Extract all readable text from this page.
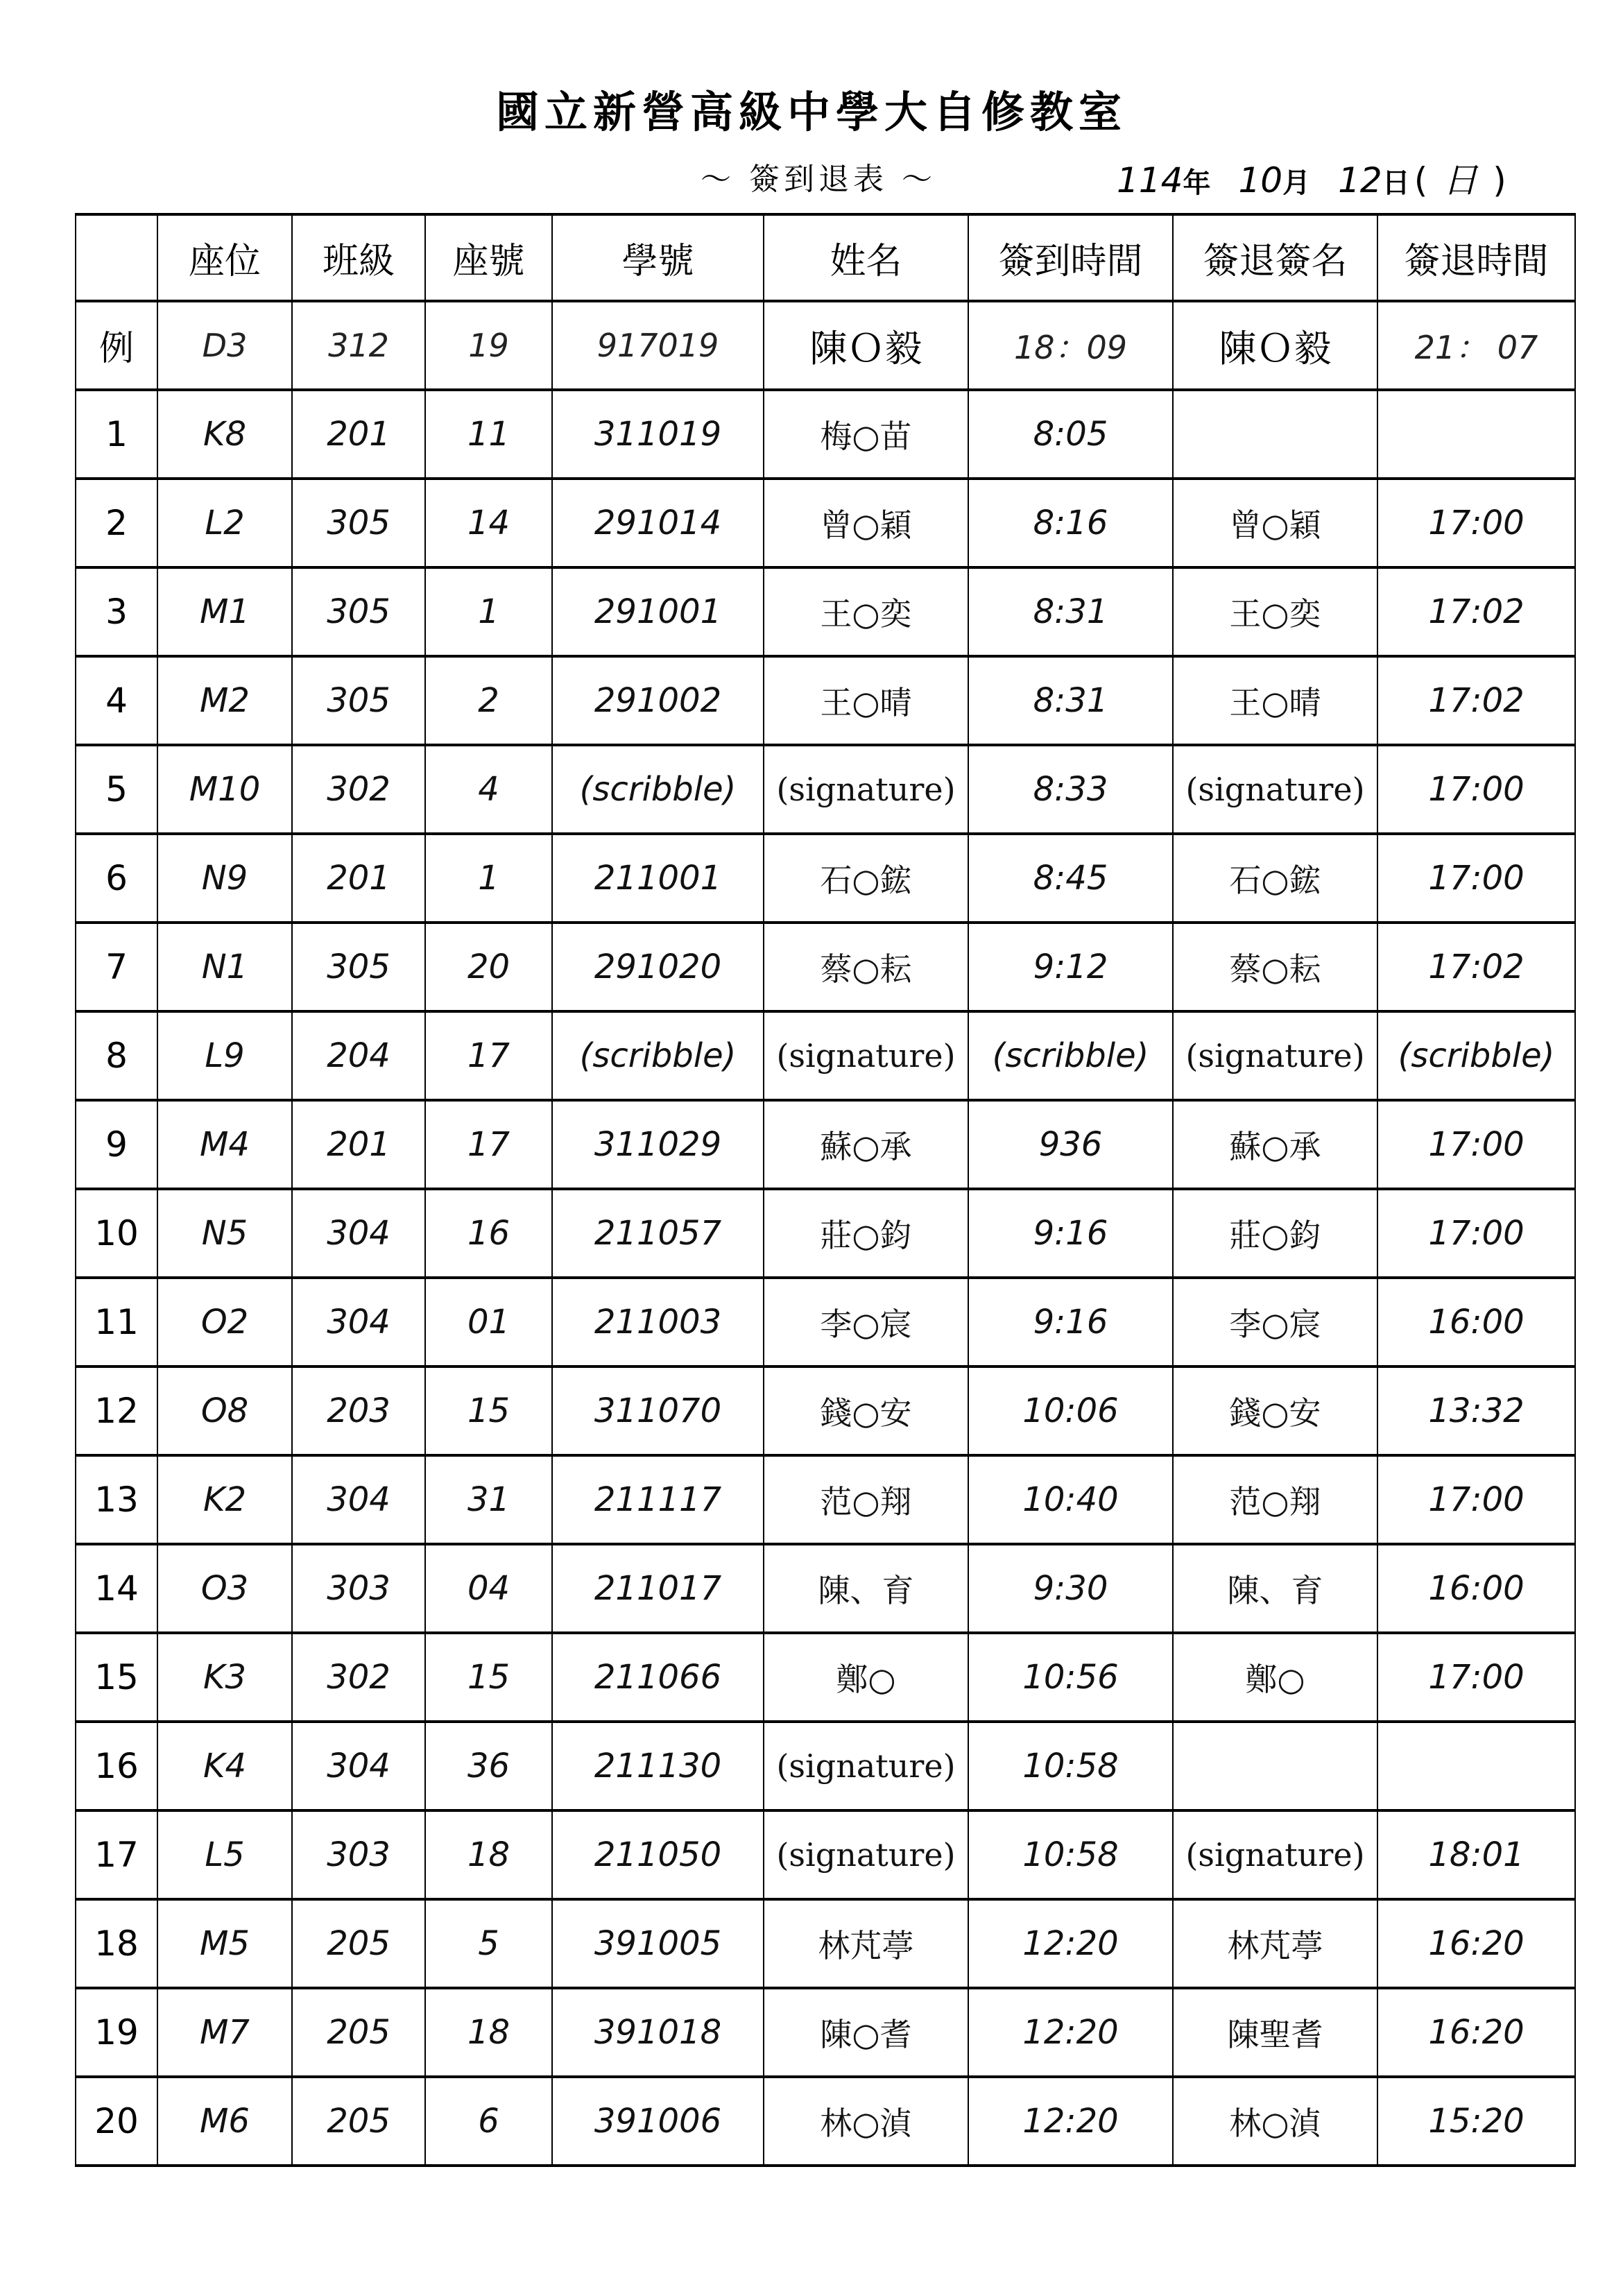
國立新營高級中學大自修教室
～ 簽到退表 ～	114年 10月 12日 ( 日 )
	座位	班級	座號	學號	姓名	簽到時間	簽退簽名	簽退時間
例	D3	312	19	917019	陳Ｏ毅	18：09	陳Ｏ毅	21： 07
1	K8	201	11	311019	梅○苗	8:05		
2	L2	305	14	291014	曾○穎	8:16	曾○穎	17:00
3	M1	305	1	291001	王○奕	8:31	王○奕	17:02
4	M2	305	2	291002	王○晴	8:31	王○晴	17:02
5	M10	302	4	(scribble)	(signature)	8:33	(signature)	17:00
6	N9	201	1	211001	石○鋐	8:45	石○鋐	17:00
7	N1	305	20	291020	蔡○耘	9:12	蔡○耘	17:02
8	L9	204	17	(scribble)	(signature)	(scribble)	(signature)	(scribble)
9	M4	201	17	311029	蘇○承	936	蘇○承	17:00
10	N5	304	16	211057	莊○鈞	9:16	莊○鈞	17:00
11	O2	304	01	211003	李○宸	9:16	李○宸	16:00
12	O8	203	15	311070	錢○安	10:06	錢○安	13:32
13	K2	304	31	211117	范○翔	10:40	范○翔	17:00
14	O3	303	04	211017	陳、育	9:30	陳、育	16:00
15	K3	302	15	211066	鄭○	10:56	鄭○	17:00
16	K4	304	36	211130	(signature)	10:58		
17	L5	303	18	211050	(signature)	10:58	(signature)	18:01
18	M5	205	5	391005	林芃葶	12:20	林芃葶	16:20
19	M7	205	18	391018	陳○耆	12:20	陳聖耆	16:20
20	M6	205	6	391006	林○湞	12:20	林○湞	15:20
